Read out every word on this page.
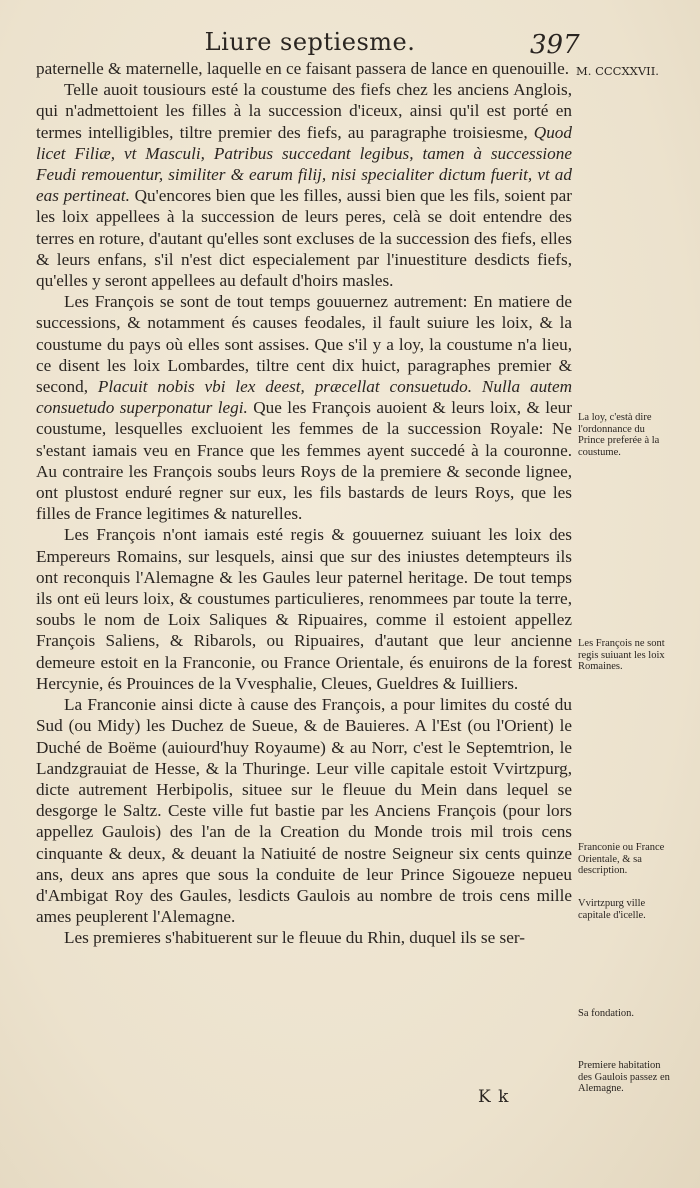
Liure septiesme.	397
M. CCCXXVII.

paternelle & maternelle, laquelle en ce faisant passera de lance en quenouille.

Telle auoit tousiours esté la coustume des fiefs chez les anciens Anglois, qui n'admettoient les filles à la succession d'iceux, ainsi qu'il est porté en termes intelligibles, tiltre premier des fiefs, au paragraphe troisiesme, Quod licet Filiæ, vt Masculi, Patribus succedant legibus, tamen à successione Feudi remouentur, similiter & earum filij, nisi specialiter dictum fuerit, vt ad eas pertineat. Qu'encores bien que les filles, aussi bien que les fils, soient par les loix appellees à la succession de leurs peres, celà se doit entendre des terres en roture, d'autant qu'elles sont excluses de la succession des fiefs, elles & leurs enfans, s'il n'est dict especialement par l'inuestiture desdicts fiefs, qu'elles y seront appellees au default d'hoirs masles.

Les François se sont de tout temps gouuernez autrement: En matiere de successions, & notamment és causes feodales, il fault suiure les loix, & la coustume du pays où elles sont assises. Que s'il y a loy, la coustume n'a lieu, ce disent les loix Lombardes, tiltre cent dix huict, paragraphes premier & second, Placuit nobis vbi lex deest, præcellat consuetudo. Nulla autem consuetudo superponatur legi. Que les François auoient & leurs loix, & leur coustume, lesquelles excluoient les femmes de la succession Royale: Ne s'estant iamais veu en France que les femmes ayent succedé à la couronne. Au contraire les François soubs leurs Roys de la premiere & seconde lignee, ont plustost enduré regner sur eux, les fils bastards de leurs Roys, que les filles de France legitimes & naturelles.

Les François n'ont iamais esté regis & gouuernez suiuant les loix des Empereurs Romains, sur lesquels, ainsi que sur des iniustes detempteurs ils ont reconquis l'Alemagne & les Gaules leur paternel heritage. De tout temps ils ont eü leurs loix, & coustumes particulieres, renommees par toute la terre, soubs le nom de Loix Saliques & Ripuaires, comme il estoient appellez François Saliens, & Ribarols, ou Ripuaires, d'autant que leur ancienne demeure estoit en la Franconie, ou France Orientale, és enuirons de la forest Hercynie, és Prouinces de la Vvesphalie, Cleues, Gueldres & Iuilliers.

La Franconie ainsi dicte à cause des François, a pour limites du costé du Sud (ou Midy) les Duchez de Sueue, & de Bauieres. A l'Est (ou l'Orient) le Duché de Boëme (auiourd'huy Royaume) & au Norr, c'est le Septemtrion, le Landzgrauiat de Hesse, & la Thuringe. Leur ville capitale estoit Vvirtzpurg, dicte autrement Herbipolis, situee sur le fleuue du Mein dans lequel se desgorge le Saltz. Ceste ville fut bastie par les Anciens François (pour lors appellez Gaulois) des l'an de la Creation du Monde trois mil trois cens cinquante & deux, & deuant la Natiuité de nostre Seigneur six cents quinze ans, deux ans apres que sous la conduite de leur Prince Sigoueze nepueu d'Ambigat Roy des Gaules, lesdicts Gaulois au nombre de trois cens mille ames peuplerent l'Alemagne.

Les premieres s'habituerent sur le fleuue du Rhin, duquel ils se ser-

La loy, c'està dire l'ordonnance du Prince preferée à la coustume.
Les François ne sont regis suiuant les loix Romaines.
Franconie ou France Orientale, & sa description.
Vvirtzpurg ville capitale d'icelle.
Sa fondation.
Premiere habitation des Gaulois passez en Alemagne.
K k
